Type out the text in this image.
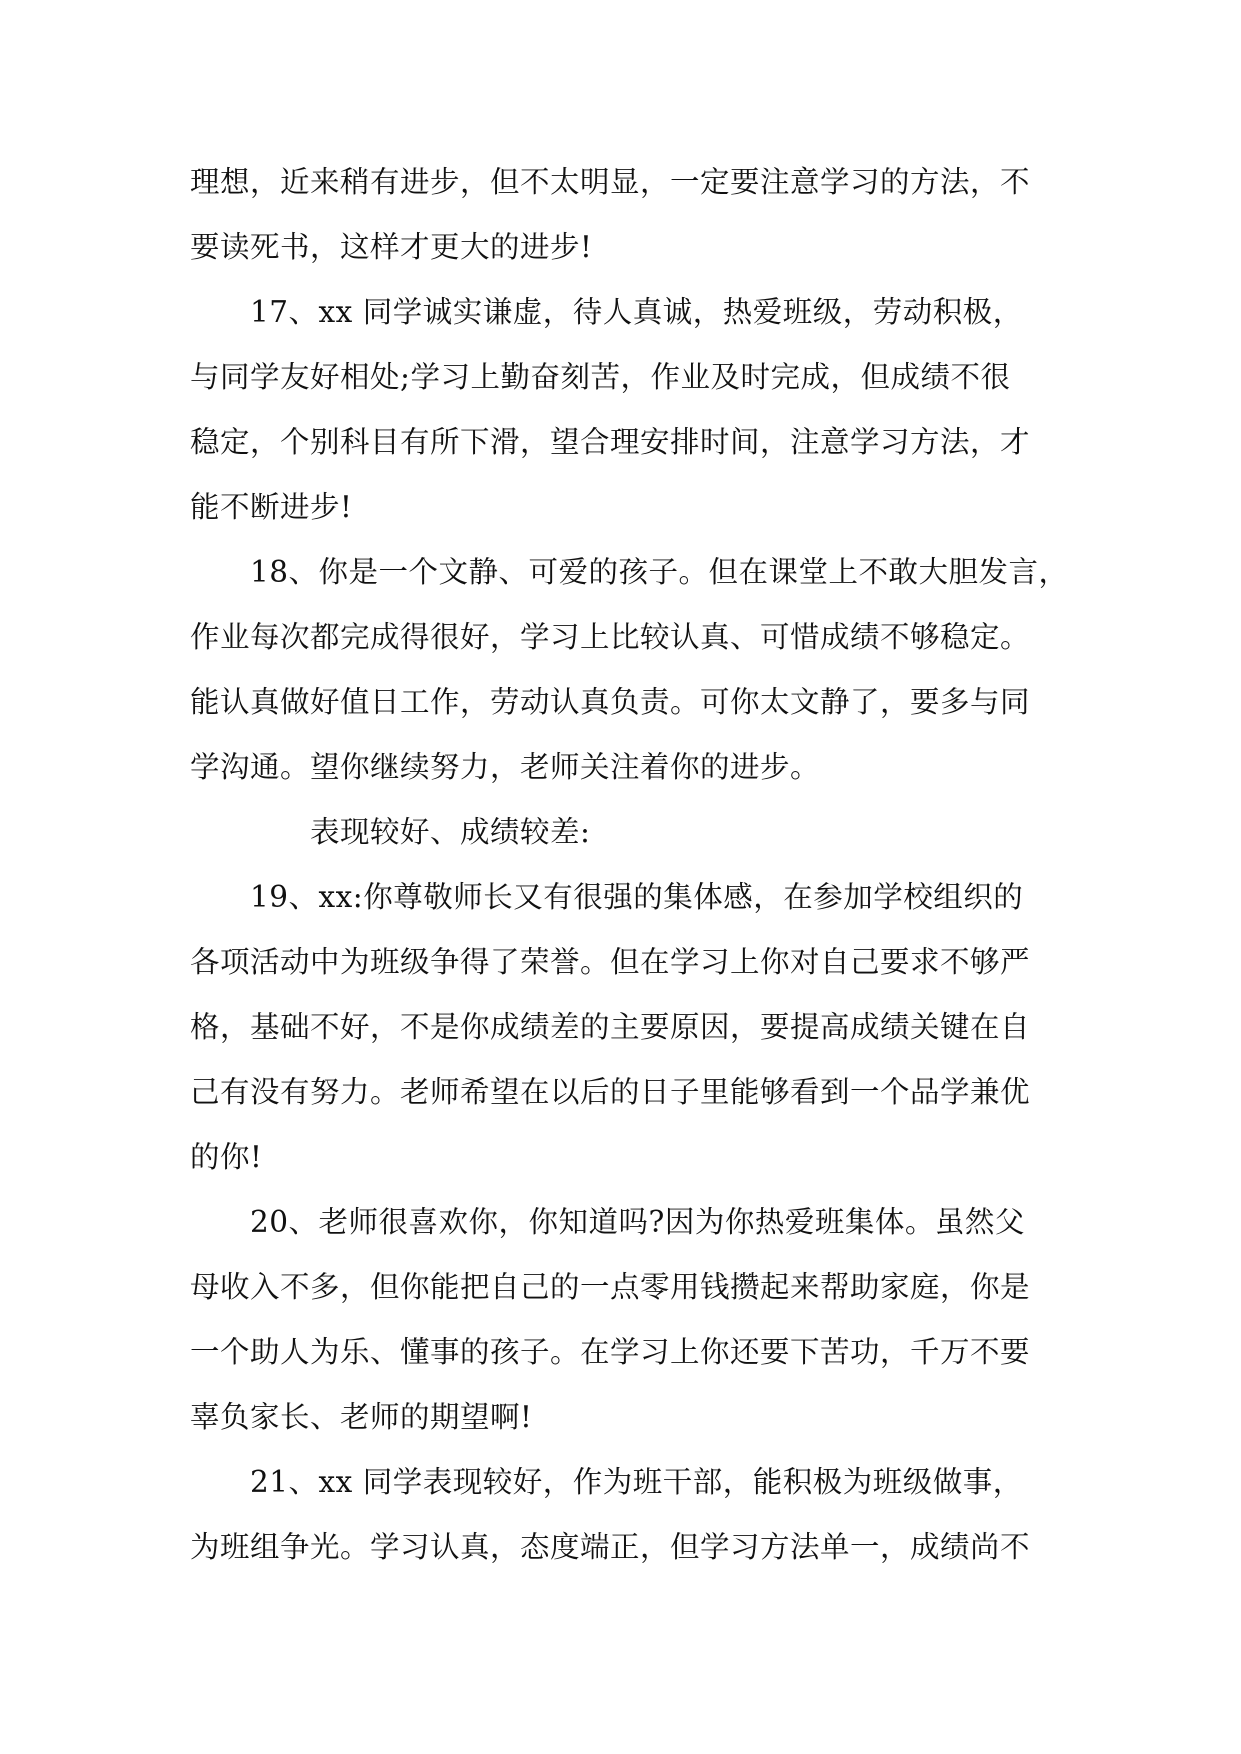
理想，近来稍有进步，但不太明显，一定要注意学习的方法，不
要读死书，这样才更大的进步!
17、xx 同学诚实谦虚，待人真诚，热爱班级，劳动积极，
与同学友好相处;学习上勤奋刻苦，作业及时完成，但成绩不很
稳定，个别科目有所下滑，望合理安排时间，注意学习方法，才
能不断进步!
18、你是一个文静、可爱的孩子。但在课堂上不敢大胆发言，
作业每次都完成得很好，学习上比较认真、可惜成绩不够稳定。
能认真做好值日工作，劳动认真负责。可你太文静了，要多与同
学沟通。望你继续努力，老师关注着你的进步。
表现较好、成绩较差:
19、xx:你尊敬师长又有很强的集体感，在参加学校组织的
各项活动中为班级争得了荣誉。但在学习上你对自己要求不够严
格，基础不好，不是你成绩差的主要原因，要提高成绩关键在自
己有没有努力。老师希望在以后的日子里能够看到一个品学兼优
的你!
20、老师很喜欢你，你知道吗?因为你热爱班集体。虽然父
母收入不多，但你能把自己的一点零用钱攒起来帮助家庭，你是
一个助人为乐、懂事的孩子。在学习上你还要下苦功，千万不要
辜负家长、老师的期望啊!
21、xx 同学表现较好，作为班干部，能积极为班级做事，
为班组争光。学习认真，态度端正，但学习方法单一，成绩尚不
